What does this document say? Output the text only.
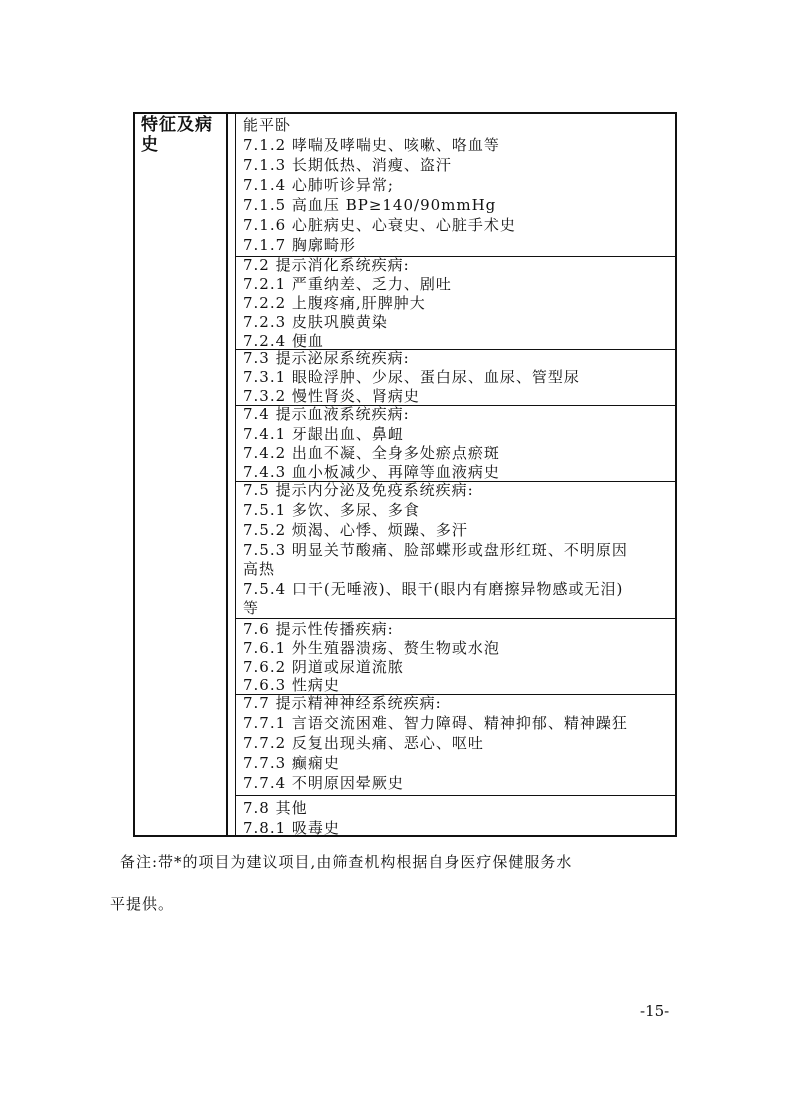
特征及病史
能平卧
7.1.2 哮喘及哮喘史、咳嗽、咯血等
7.1.3 长期低热、消瘦、盗汗
7.1.4 心肺听诊异常;
7.1.5 高血压 BP≥140/90mmHg
7.1.6 心脏病史、心衰史、心脏手术史
7.1.7 胸廓畸形
7.2 提示消化系统疾病:
7.2.1 严重纳差、乏力、剧吐
7.2.2 上腹疼痛,肝脾肿大
7.2.3 皮肤巩膜黄染
7.2.4 便血
7.3 提示泌尿系统疾病:
7.3.1 眼睑浮肿、少尿、蛋白尿、血尿、管型尿
7.3.2 慢性肾炎、肾病史
7.4 提示血液系统疾病:
7.4.1 牙龈出血、鼻衄
7.4.2 出血不凝、全身多处瘀点瘀斑
7.4.3 血小板减少、再障等血液病史
7.5 提示内分泌及免疫系统疾病:
7.5.1 多饮、多尿、多食
7.5.2 烦渴、心悸、烦躁、多汗
7.5.3 明显关节酸痛、脸部蝶形或盘形红斑、不明原因
高热
7.5.4 口干(无唾液)、眼干(眼内有磨擦异物感或无泪)
等
7.6 提示性传播疾病:
7.6.1 外生殖器溃疡、赘生物或水泡
7.6.2 阴道或尿道流脓
7.6.3 性病史
7.7 提示精神神经系统疾病:
7.7.1 言语交流困难、智力障碍、精神抑郁、精神躁狂
7.7.2 反复出现头痛、恶心、呕吐
7.7.3 癫痫史
7.7.4 不明原因晕厥史
7.8 其他
7.8.1 吸毒史
备注:带*的项目为建议项目,由筛查机构根据自身医疗保健服务水
平提供。
-15-
